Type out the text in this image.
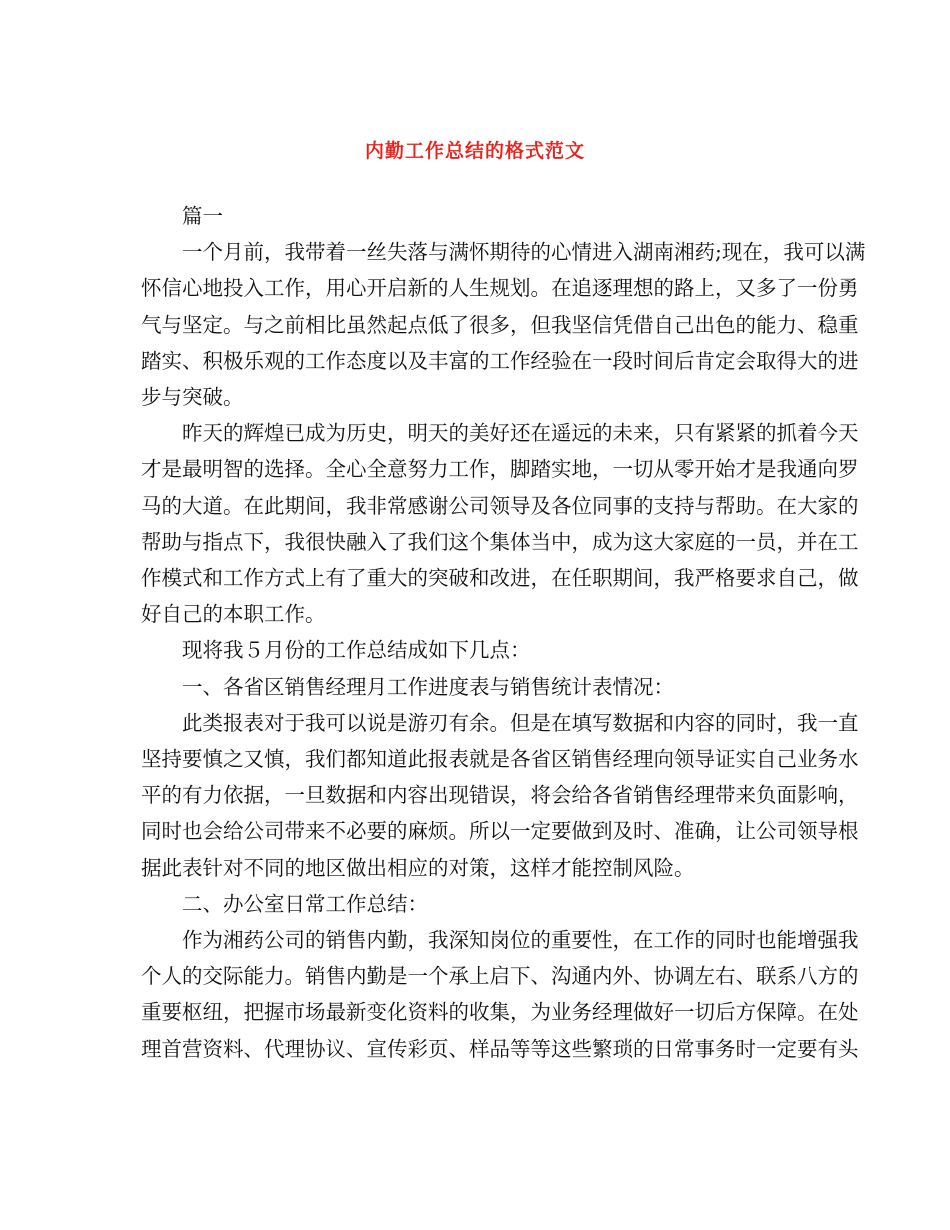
内勤工作总结的格式范文
篇一
一个月前，我带着一丝失落与满怀期待的心情进入湖南湘药;现在，我可以满
怀信心地投入工作，用心开启新的人生规划。在追逐理想的路上，又多了一份勇
气与坚定。与之前相比虽然起点低了很多，但我坚信凭借自己出色的能力、稳重
踏实、积极乐观的工作态度以及丰富的工作经验在一段时间后肯定会取得大的进
步与突破。
昨天的辉煌已成为历史，明天的美好还在遥远的未来，只有紧紧的抓着今天
才是最明智的选择。全心全意努力工作，脚踏实地，一切从零开始才是我通向罗
马的大道。在此期间，我非常感谢公司领导及各位同事的支持与帮助。在大家的
帮助与指点下，我很快融入了我们这个集体当中，成为这大家庭的一员，并在工
作模式和工作方式上有了重大的突破和改进，在任职期间，我严格要求自己，做
好自己的本职工作。
现将我５月份的工作总结成如下几点：
一、各省区销售经理月工作进度表与销售统计表情况：
此类报表对于我可以说是游刃有余。但是在填写数据和内容的同时，我一直
坚持要慎之又慎，我们都知道此报表就是各省区销售经理向领导证实自己业务水
平的有力依据，一旦数据和内容出现错误，将会给各省销售经理带来负面影响，
同时也会给公司带来不必要的麻烦。所以一定要做到及时、准确，让公司领导根
据此表针对不同的地区做出相应的对策，这样才能控制风险。
二、办公室日常工作总结：
作为湘药公司的销售内勤，我深知岗位的重要性，在工作的同时也能增强我
个人的交际能力。销售内勤是一个承上启下、沟通内外、协调左右、联系八方的
重要枢纽，把握市场最新变化资料的收集，为业务经理做好一切后方保障。在处
理首营资料、代理协议、宣传彩页、样品等等这些繁琐的日常事务时一定要有头
